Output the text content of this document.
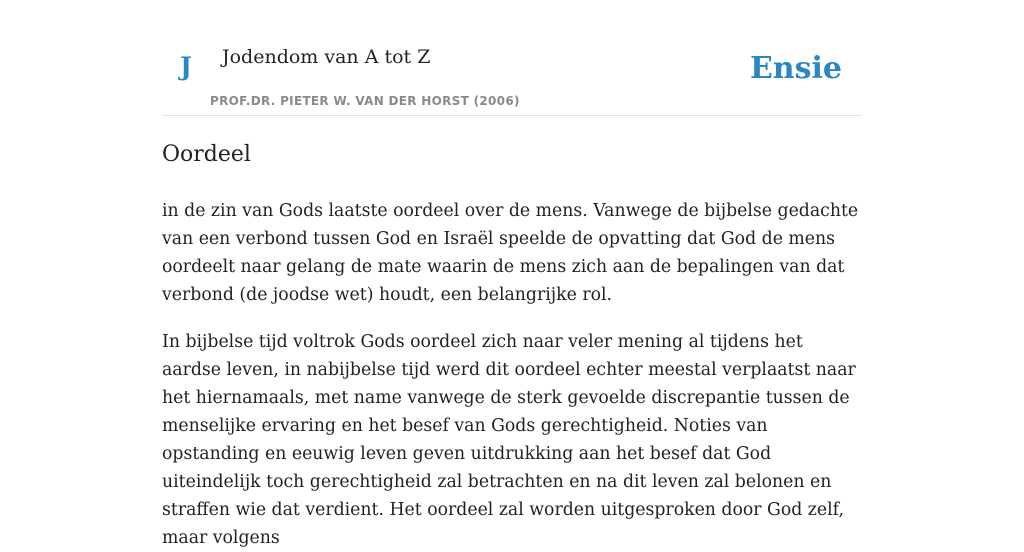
J Jodendom van A tot Z
PROF.DR. PIETER W. VAN DER HORST (2006)
Ensie
Oordeel

in de zin van Gods laatste oordeel over de mens. Vanwege de bijbelse gedachte van een verbond tussen God en Israël speelde de opvatting dat God de mens oordeelt naar gelang de mate waarin de mens zich aan de bepalingen van dat verbond (de joodse wet) houdt, een belangrijke rol.

In bijbelse tijd voltrok Gods oordeel zich naar veler mening al tijdens het aardse leven, in nabijbelse tijd werd dit oordeel echter meestal verplaatst naar het hiernamaals, met name vanwege de sterk gevoelde discrepantie tussen de menselijke ervaring en het besef van Gods gerechtigheid. Noties van opstanding en eeuwig leven geven uitdrukking aan het besef dat God uiteindelijk toch gerechtigheid zal betrachten en na dit leven zal belonen en straffen wie dat verdient. Het oordeel zal worden uitgesproken door God zelf, maar volgens
